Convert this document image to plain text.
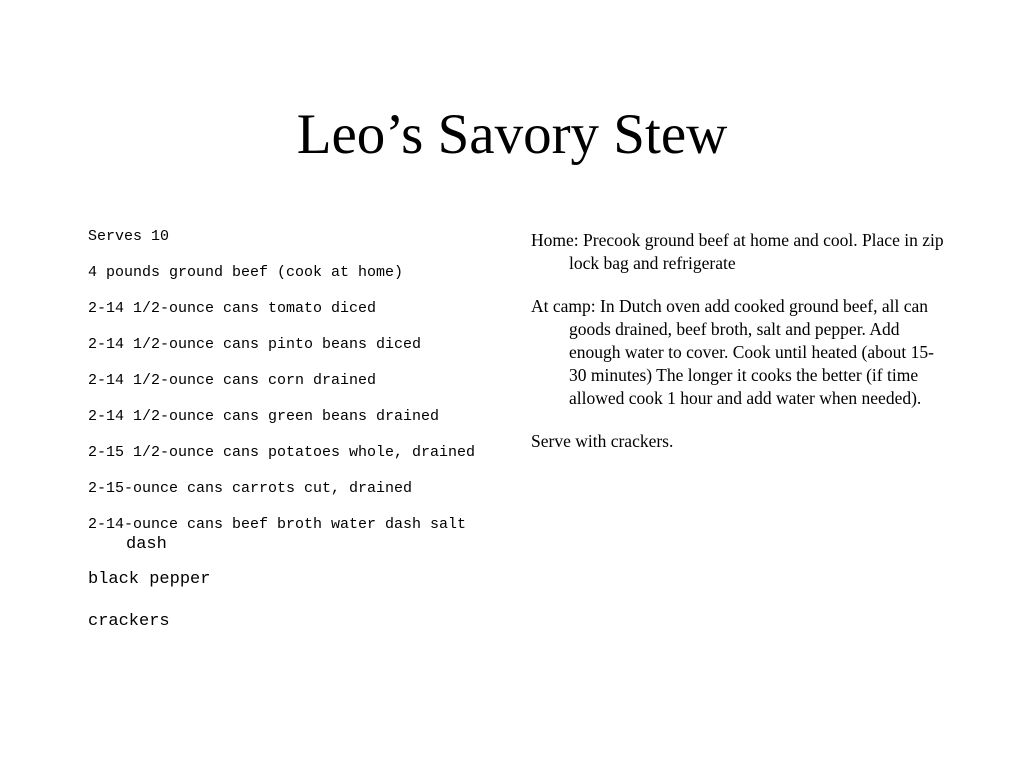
Leo’s Savory Stew
Serves 10
4 pounds ground beef (cook at home)
2-14 1/2-ounce cans tomato diced
2-14 1/2-ounce cans pinto beans diced
2-14 1/2-ounce cans corn drained
2-14 1/2-ounce cans green beans drained
2-15 1/2-ounce cans potatoes whole, drained
2-15-ounce cans carrots cut, drained
2-14-ounce cans beef broth water dash salt dash
black pepper
crackers
Home: Precook ground beef at home and cool. Place in zip lock bag and refrigerate
At camp: In Dutch oven add cooked ground beef, all can goods drained, beef broth, salt and pepper. Add enough water to cover. Cook until heated (about 15-30 minutes) The longer it cooks the better (if time allowed cook 1 hour and add water when needed).
Serve with crackers.
